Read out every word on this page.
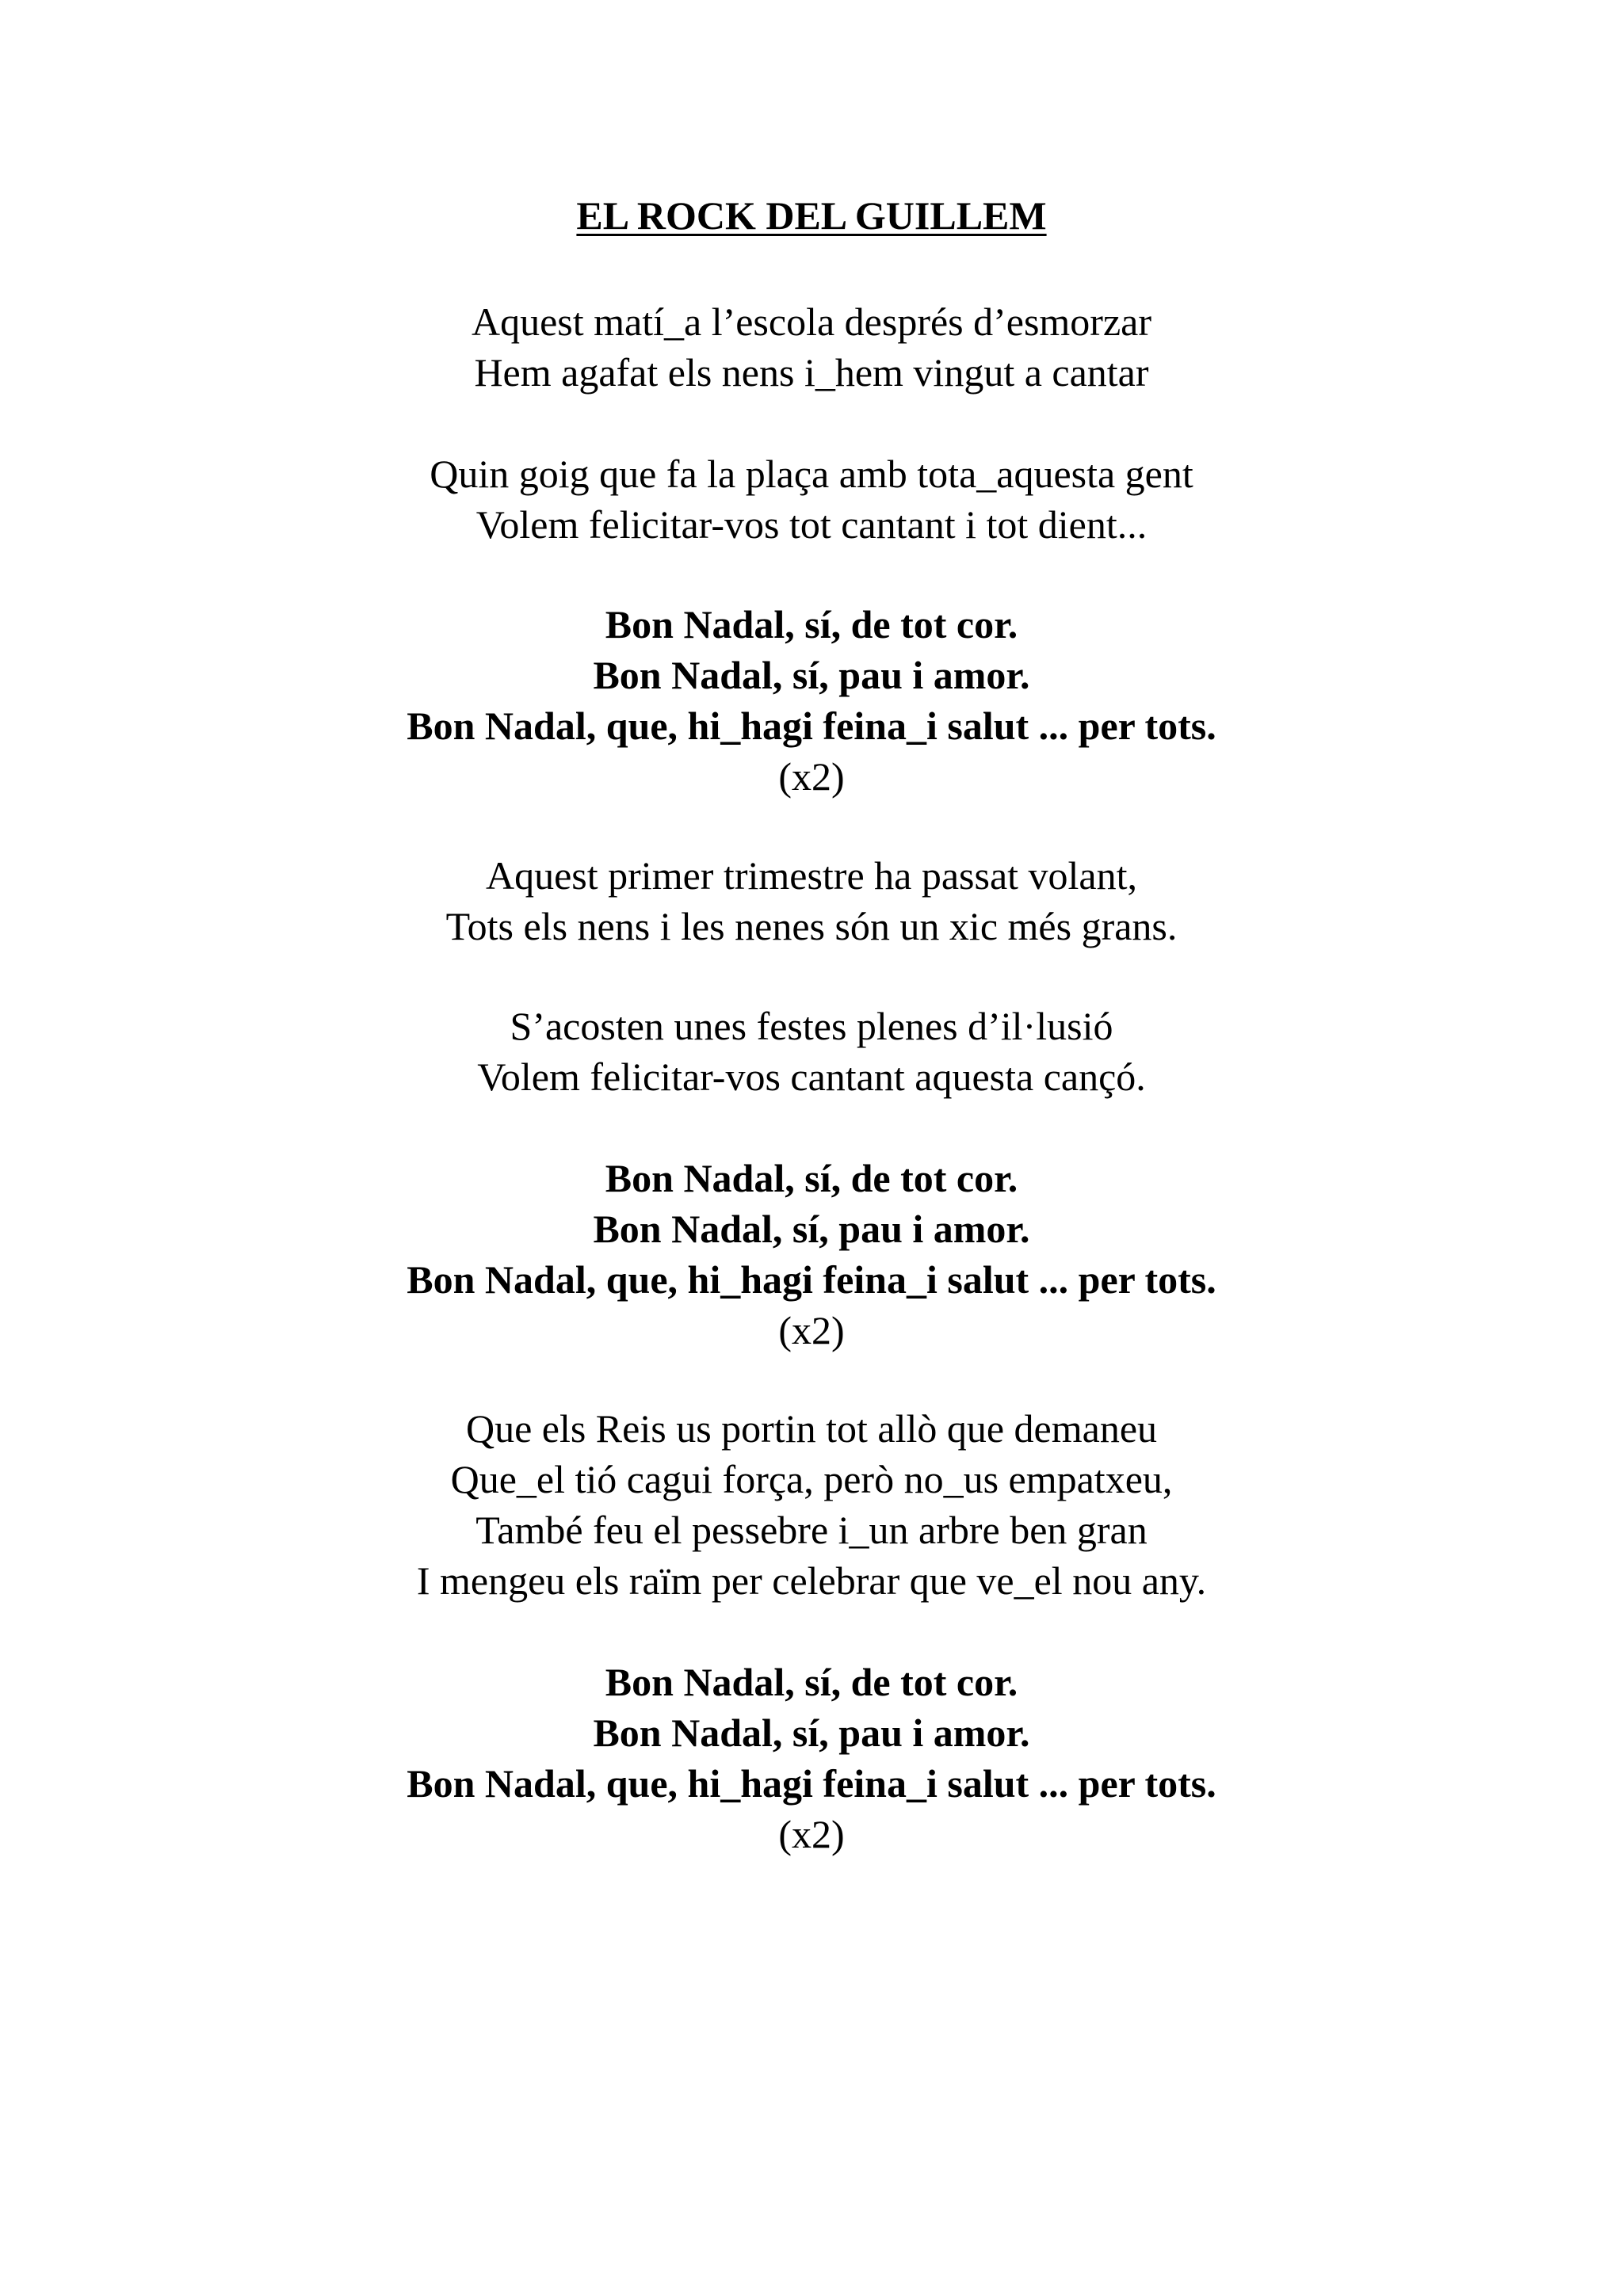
EL ROCK DEL GUILLEM
Aquest matí_a l’escola després d’esmorzar
Hem agafat els nens i_hem vingut a cantar
Quin goig que fa la plaça amb tota_aquesta gent
Volem felicitar-vos tot cantant i tot dient...
Bon Nadal, sí, de tot cor.
Bon Nadal, sí, pau i amor.
Bon Nadal, que, hi_hagi feina_i salut ... per tots.
(x2)
Aquest primer trimestre ha passat volant,
Tots els nens i les nenes són un xic més grans.
S’acosten unes festes plenes d’il·lusió
Volem felicitar-vos cantant aquesta cançó.
Bon Nadal, sí, de tot cor.
Bon Nadal, sí, pau i amor.
Bon Nadal, que, hi_hagi feina_i salut ... per tots.
(x2)
Que els Reis us portin tot allò que demaneu
Que_el tió cagui força, però no_us empatxeu,
També feu el pessebre i_un arbre ben gran
I mengeu els raïm per celebrar que ve_el nou any.
Bon Nadal, sí, de tot cor.
Bon Nadal, sí, pau i amor.
Bon Nadal, que, hi_hagi feina_i salut ... per tots.
(x2)
